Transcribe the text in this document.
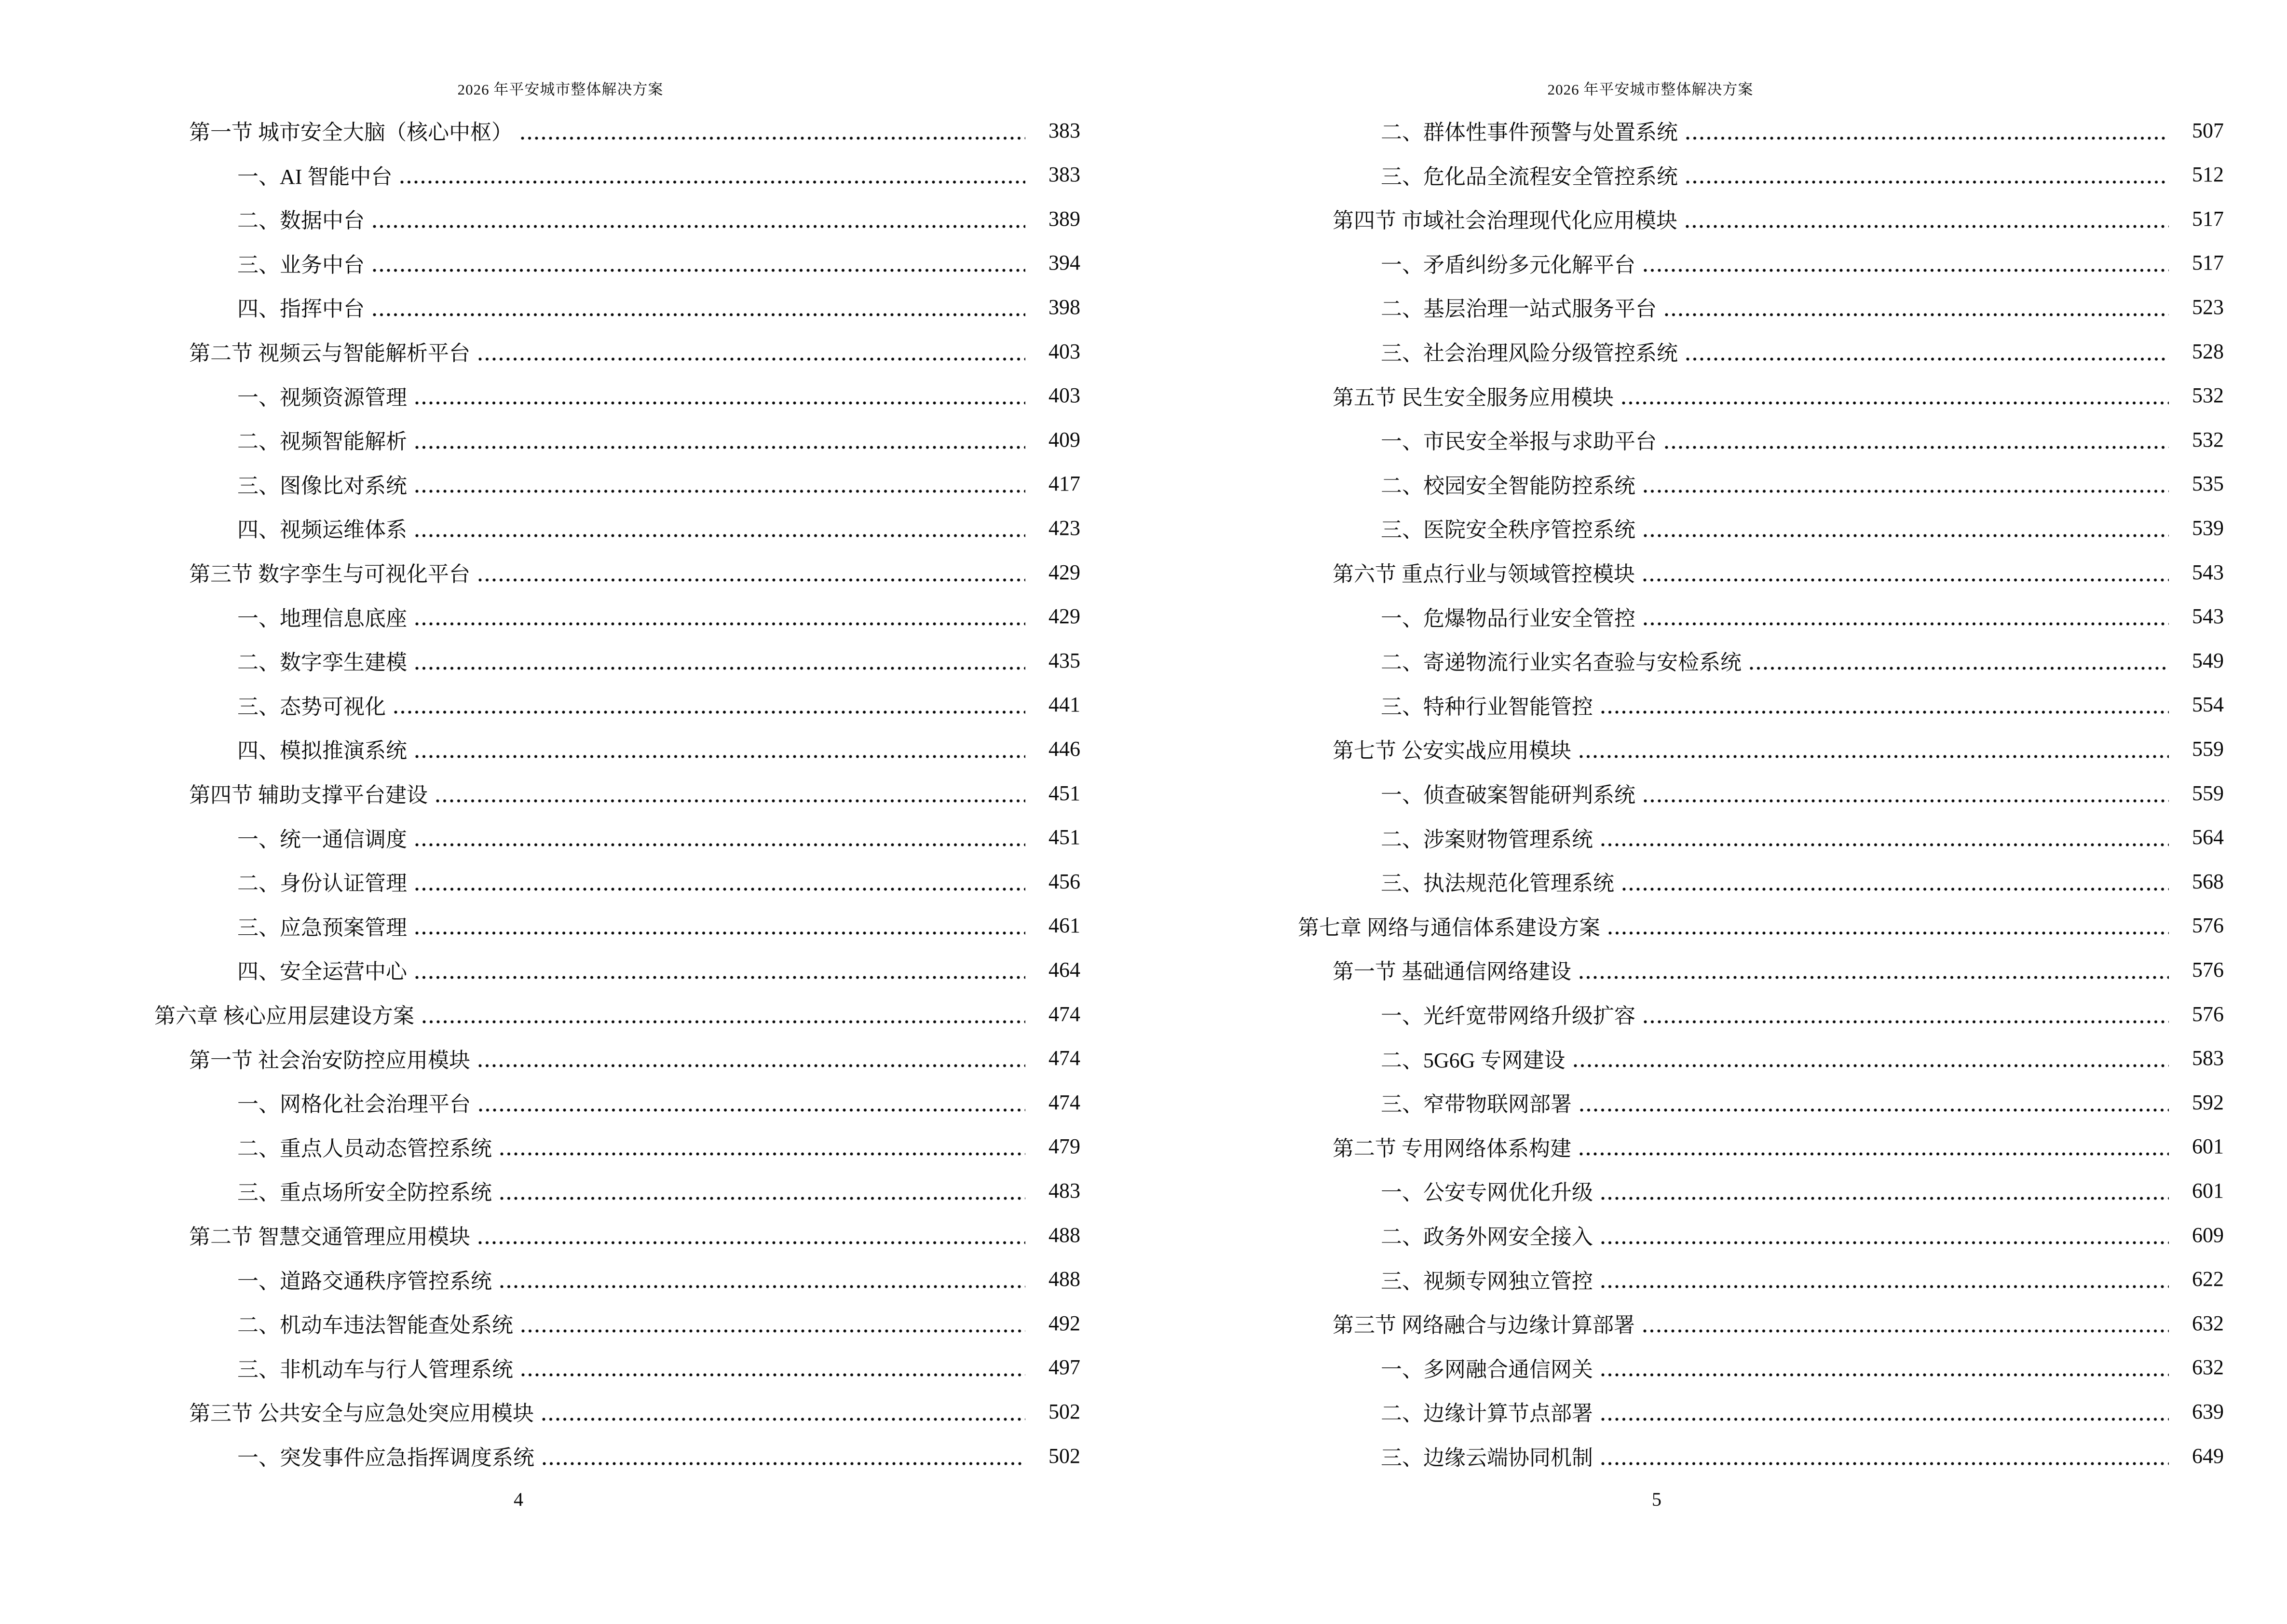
2026 年平安城市整体解决方案
第一节 城市安全大脑（核心中枢）	383
一、AI 智能中台	383
二、数据中台	389
三、业务中台	394
四、指挥中台	398
第二节 视频云与智能解析平台	403
一、视频资源管理	403
二、视频智能解析	409
三、图像比对系统	417
四、视频运维体系	423
第三节 数字孪生与可视化平台	429
一、地理信息底座	429
二、数字孪生建模	435
三、态势可视化	441
四、模拟推演系统	446
第四节 辅助支撑平台建设	451
一、统一通信调度	451
二、身份认证管理	456
三、应急预案管理	461
四、安全运营中心	464
第六章 核心应用层建设方案	474
第一节 社会治安防控应用模块	474
一、网格化社会治理平台	474
二、重点人员动态管控系统	479
三、重点场所安全防控系统	483
第二节 智慧交通管理应用模块	488
一、道路交通秩序管控系统	488
二、机动车违法智能查处系统	492
三、非机动车与行人管理系统	497
第三节 公共安全与应急处突应用模块	502
一、突发事件应急指挥调度系统	502
4
2026 年平安城市整体解决方案
二、群体性事件预警与处置系统	507
三、危化品全流程安全管控系统	512
第四节 市域社会治理现代化应用模块	517
一、矛盾纠纷多元化解平台	517
二、基层治理一站式服务平台	523
三、社会治理风险分级管控系统	528
第五节 民生安全服务应用模块	532
一、市民安全举报与求助平台	532
二、校园安全智能防控系统	535
三、医院安全秩序管控系统	539
第六节 重点行业与领域管控模块	543
一、危爆物品行业安全管控	543
二、寄递物流行业实名查验与安检系统	549
三、特种行业智能管控	554
第七节 公安实战应用模块	559
一、侦查破案智能研判系统	559
二、涉案财物管理系统	564
三、执法规范化管理系统	568
第七章 网络与通信体系建设方案	576
第一节 基础通信网络建设	576
一、光纤宽带网络升级扩容	576
二、5G6G 专网建设	583
三、窄带物联网部署	592
第二节 专用网络体系构建	601
一、公安专网优化升级	601
二、政务外网安全接入	609
三、视频专网独立管控	622
第三节 网络融合与边缘计算部署	632
一、多网融合通信网关	632
二、边缘计算节点部署	639
三、边缘云端协同机制	649
5
